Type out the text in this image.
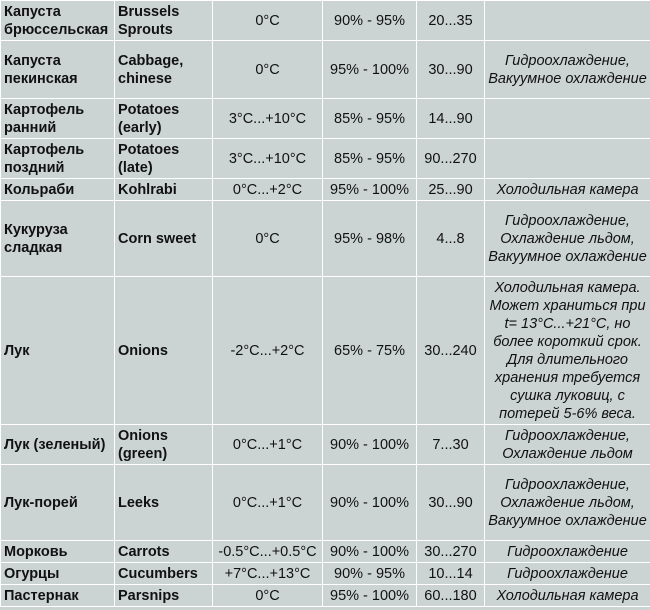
Капуста брюссельская	Brussels Sprouts	0°C	90% - 95%	20...35	
Капуста пекинская	Cabbage, chinese	0°C	95% - 100%	30...90	Гидроохлаждение, Вакуумное охлаждение
Картофель ранний	Potatoes (early)	3°C...+10°C	85% - 95%	14...90	
Картофель поздний	Potatoes (late)	3°C...+10°C	85% - 95%	90...270	
Кольраби	Kohlrabi	0°C...+2°C	95% - 100%	25...90	Холодильная камера
Кукуруза сладкая	Corn sweet	0°C	95% - 98%	4...8	Гидроохлаждение, Охлаждение льдом, Вакуумное охлаждение
Лук	Onions	-2°C...+2°C	65% - 75%	30...240	Холодильная камера. Может храниться при t= 13°C...+21°C, но более короткий срок. Для длительного хранения требуется сушка луковиц, с потерей 5-6% веса.
Лук (зеленый)	Onions (green)	0°C...+1°C	90% - 100%	7...30	Гидроохлаждение, Охлаждение льдом
Лук-порей	Leeks	0°C...+1°C	90% - 100%	30...90	Гидроохлаждение, Охлаждение льдом, Вакуумное охлаждение
Морковь	Carrots	-0.5°C...+0.5°C	90% - 100%	30...270	Гидроохлаждение
Огурцы	Cucumbers	+7°C...+13°C	90% - 95%	10...14	Гидроохлаждение
Пастернак	Parsnips	0°C	95% - 100%	60...180	Холодильная камера
